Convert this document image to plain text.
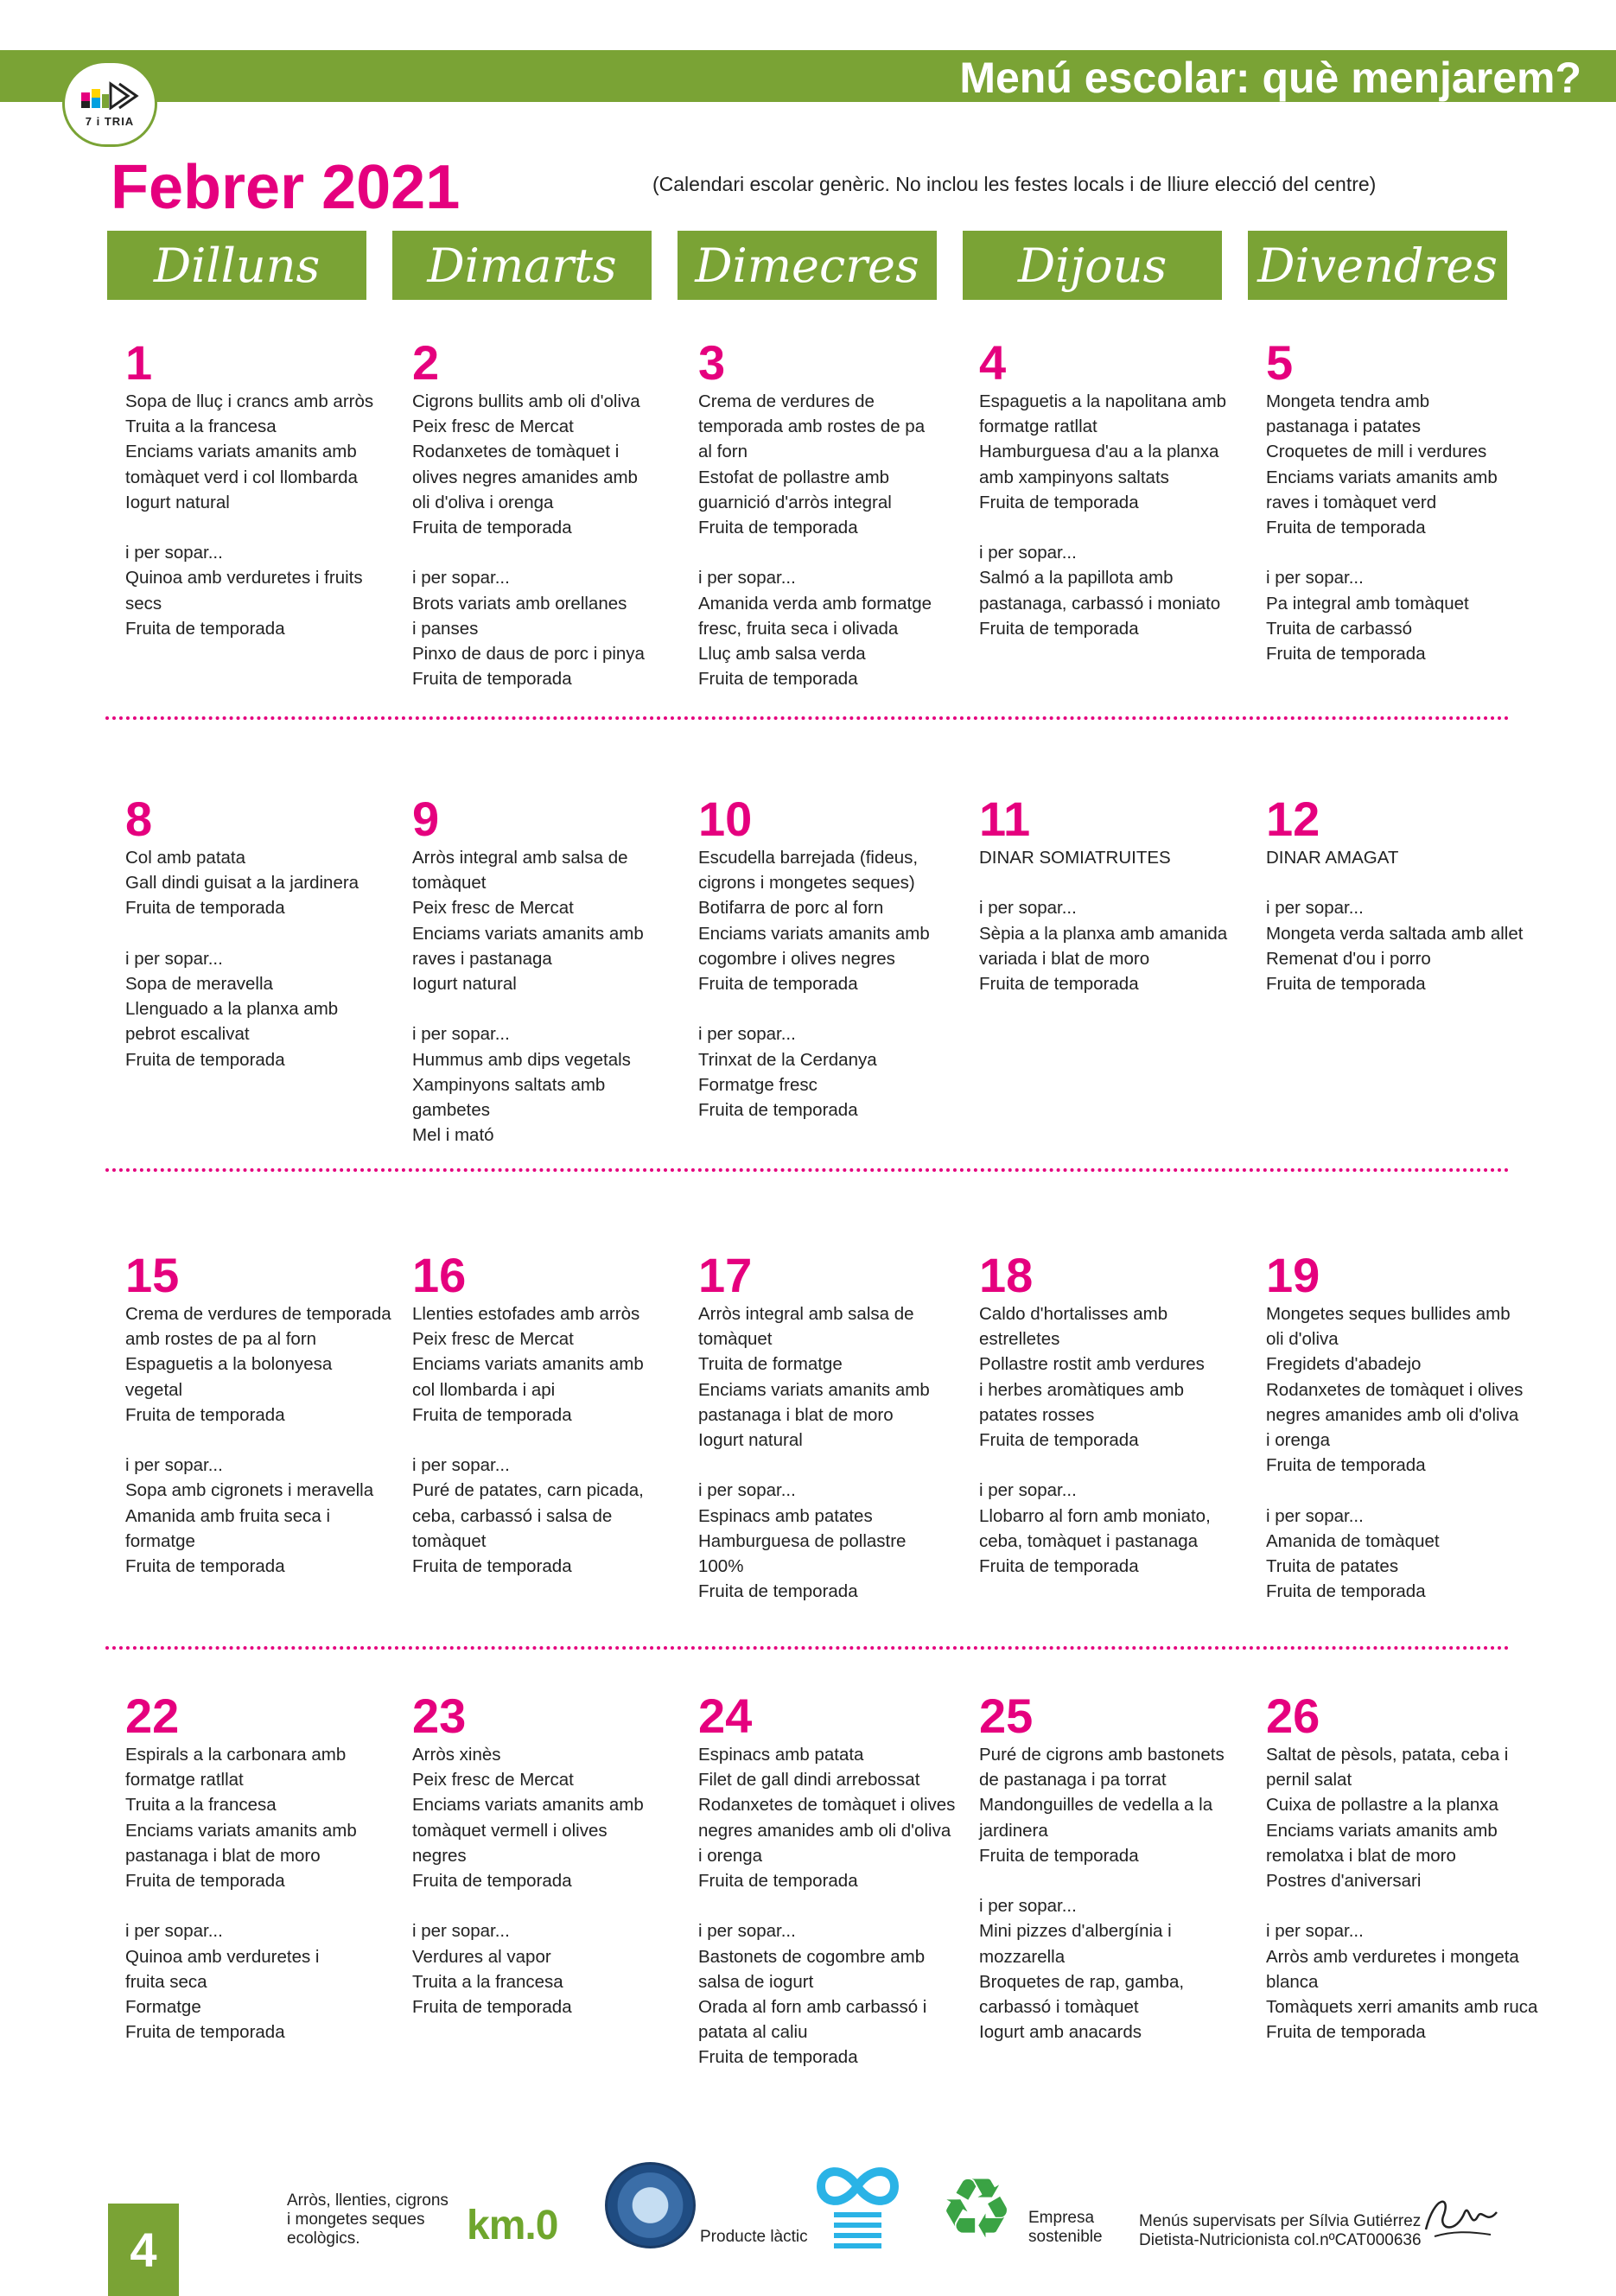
Menú escolar: què menjarem?
7 i TRIA
Febrer 2021	(Calendari escolar genèric. No inclou les festes locals i de lliure elecció del centre)
Dilluns	Dimarts	Dimecres	Dijous	Divendres
1
Sopa de lluç i crancs amb arròs
Truita a la francesa
Enciams variats amanits amb
tomàquet verd i col llombarda
Iogurt natural
i per sopar...
Quinoa amb verduretes i fruits
secs
Fruita de temporada
2
Cigrons bullits amb oli d'oliva
Peix fresc de Mercat
Rodanxetes de tomàquet i
olives negres amanides amb
oli d'oliva i orenga
Fruita de temporada
i per sopar...
Brots variats amb orellanes
i panses
Pinxo de daus de porc i pinya
Fruita de temporada
3
Crema de verdures de
temporada amb rostes de pa
al forn
Estofat de pollastre amb
guarnició d'arròs integral
Fruita de temporada
i per sopar...
Amanida verda amb formatge
fresc, fruita seca i olivada
Lluç amb salsa verda
Fruita de temporada
4
Espaguetis a la napolitana amb
formatge ratllat
Hamburguesa d'au a la planxa
amb xampinyons saltats
Fruita de temporada
i per sopar...
Salmó a la papillota amb
pastanaga, carbassó i moniato
Fruita de temporada
5
Mongeta tendra amb
pastanaga i patates
Croquetes de mill i verdures
Enciams variats amanits amb
raves i tomàquet verd
Fruita de temporada
i per sopar...
Pa integral amb tomàquet
Truita de carbassó
Fruita de temporada
8
Col amb patata
Gall dindi guisat a la jardinera
Fruita de temporada
i per sopar...
Sopa de meravella
Llenguado a la planxa amb
pebrot escalivat
Fruita de temporada
9
Arròs integral amb salsa de
tomàquet
Peix fresc de Mercat
Enciams variats amanits amb
raves i pastanaga
Iogurt natural
i per sopar...
Hummus amb dips vegetals
Xampinyons saltats amb
gambetes
Mel i mató
10
Escudella barrejada (fideus,
cigrons i mongetes seques)
Botifarra de porc al forn
Enciams variats amanits amb
cogombre i olives negres
Fruita de temporada
i per sopar...
Trinxat de la Cerdanya
Formatge fresc
Fruita de temporada
11
DINAR SOMIATRUITES
i per sopar...
Sèpia a la planxa amb amanida
variada i blat de moro
Fruita de temporada
12
DINAR AMAGAT
i per sopar...
Mongeta verda saltada amb allet
Remenat d'ou i porro
Fruita de temporada
15
Crema de verdures de temporada
amb rostes de pa al forn
Espaguetis a la bolonyesa
vegetal
Fruita de temporada
i per sopar...
Sopa amb cigronets i meravella
Amanida amb fruita seca i
formatge
Fruita de temporada
16
Llenties estofades amb arròs
Peix fresc de Mercat
Enciams variats amanits amb
col llombarda i api
Fruita de temporada
i per sopar...
Puré de patates, carn picada,
ceba, carbassó i salsa de
tomàquet
Fruita de temporada
17
Arròs integral amb salsa de
tomàquet
Truita de formatge
Enciams variats amanits amb
pastanaga i blat de moro
Iogurt natural
i per sopar...
Espinacs amb patates
Hamburguesa de pollastre
100%
Fruita de temporada
18
Caldo d'hortalisses amb
estrelletes
Pollastre rostit amb verdures
i herbes aromàtiques amb
patates rosses
Fruita de temporada
i per sopar...
Llobarro al forn amb moniato,
ceba, tomàquet i pastanaga
Fruita de temporada
19
Mongetes seques bullides amb
oli d'oliva
Fregidets d'abadejo
Rodanxetes de tomàquet i olives
negres amanides amb oli d'oliva
i orenga
Fruita de temporada
i per sopar...
Amanida de tomàquet
Truita de patates
Fruita de temporada
22
Espirals a la carbonara amb
formatge ratllat
Truita a la francesa
Enciams variats amanits amb
pastanaga i blat de moro
Fruita de temporada
i per sopar...
Quinoa amb verduretes i
fruita seca
Formatge
Fruita de temporada
23
Arròs xinès
Peix fresc de Mercat
Enciams variats amanits amb
tomàquet vermell i olives
negres
Fruita de temporada
i per sopar...
Verdures al vapor
Truita a la francesa
Fruita de temporada
24
Espinacs amb patata
Filet de gall dindi arrebossat
Rodanxetes de tomàquet i olives
negres amanides amb oli d'oliva
i orenga
Fruita de temporada
i per sopar...
Bastonets de cogombre amb
salsa de iogurt
Orada al forn amb carbassó i
patata al caliu
Fruita de temporada
25
Puré de cigrons amb bastonets
de pastanaga i pa torrat
Mandonguilles de vedella a la
jardinera
Fruita de temporada
i per sopar...
Mini pizzes d'albergínia i
mozzarella
Broquetes de rap, gamba,
carbassó i tomàquet
Iogurt amb anacards
26
Saltat de pèsols, patata, ceba i
pernil salat
Cuixa de pollastre a la planxa
Enciams variats amanits amb
remolatxa i blat de moro
Postres d'aniversari
i per sopar...
Arròs amb verduretes i mongeta
blanca
Tomàquets xerri amanits amb ruca
Fruita de temporada
4
Arròs, llenties, cigrons
i mongetes seques
ecològics.	km.0	Producte làctic ♻ Empresa
sostenible
Menús supervisats per Sílvia Gutiérrez
Dietista-Nutricionista col.nºCAT000636
